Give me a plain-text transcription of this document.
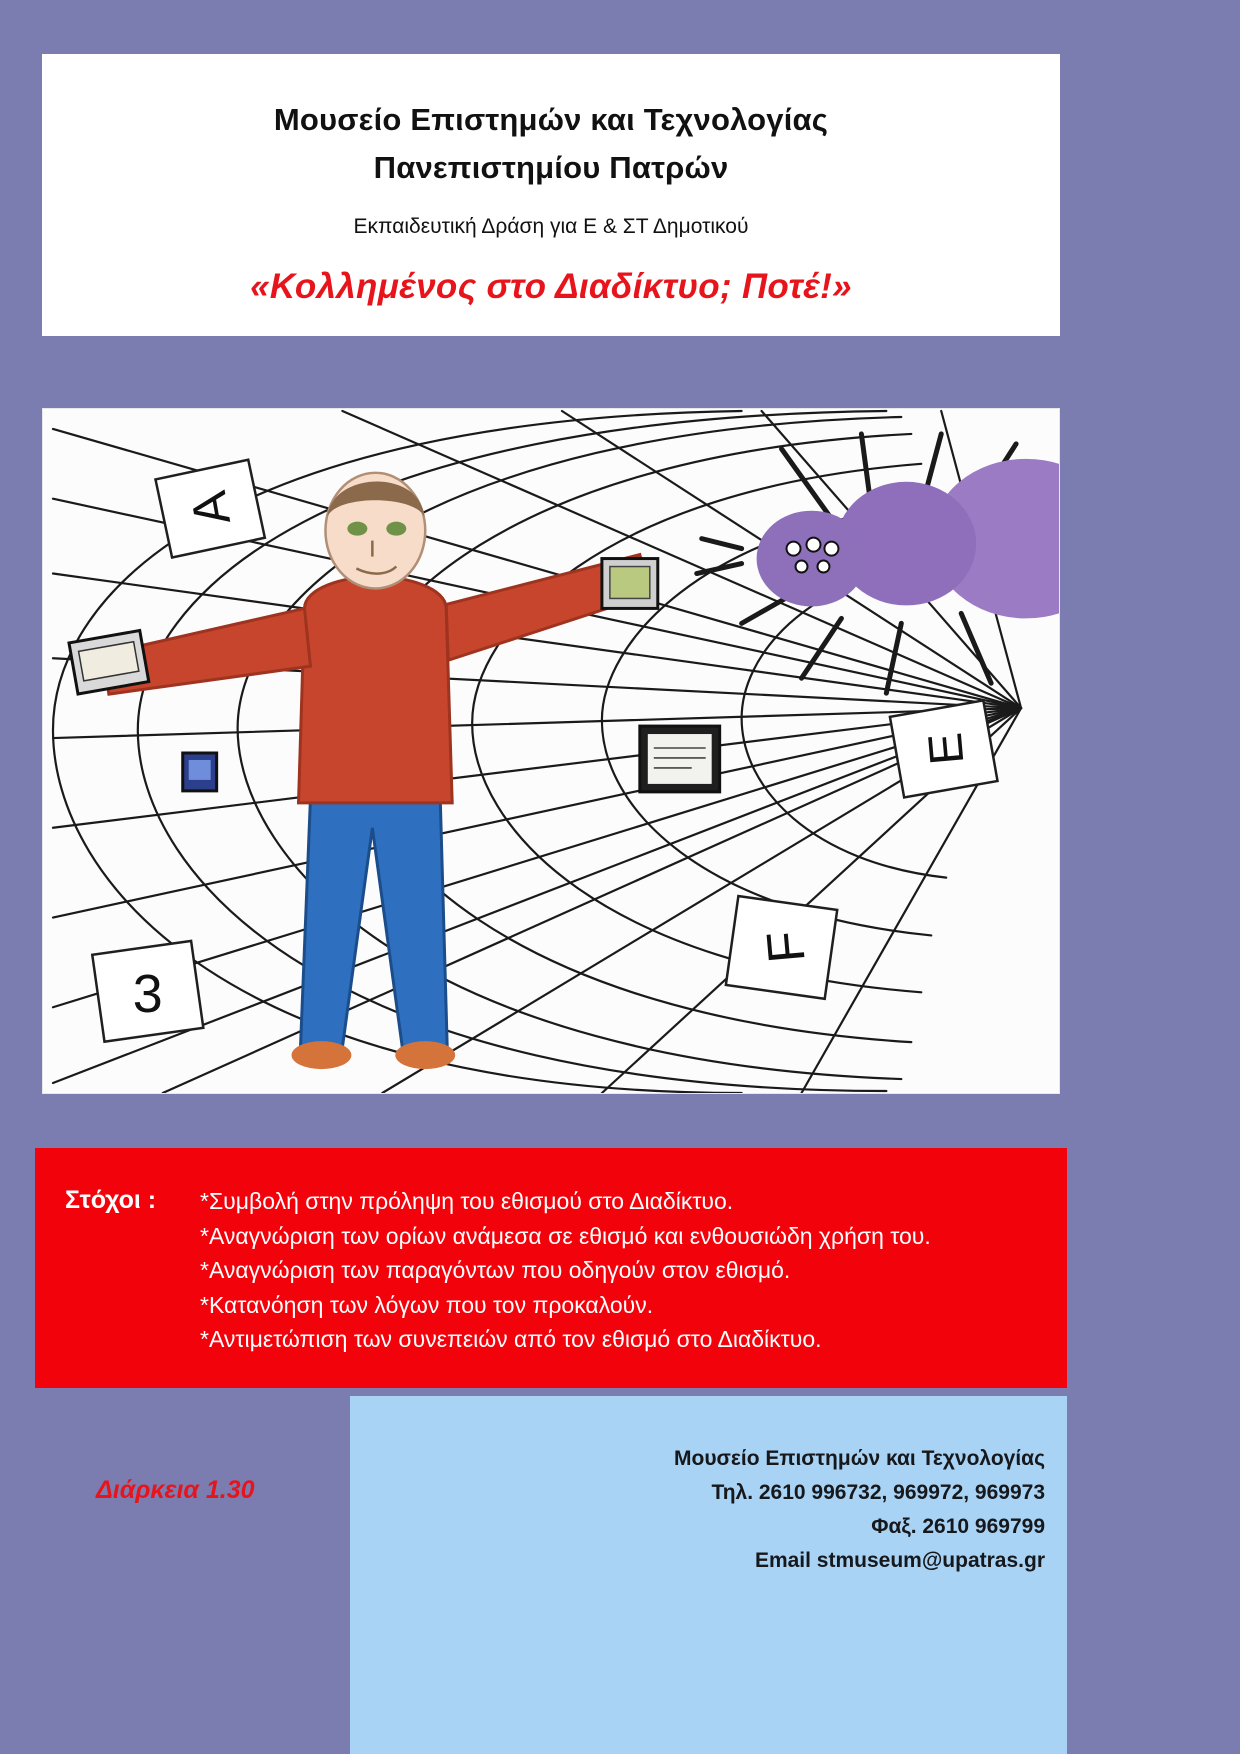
Μουσείο Επιστημών και Τεχνολογίας
Πανεπιστημίου Πατρών
Εκπαιδευτική Δράση για Ε & ΣΤ Δημοτικού
«Κολλημένος στο Διαδίκτυο; Ποτέ!»
A
E
3
F
Στόχοι : *Συμβολή στην πρόληψη του εθισμού στο Διαδίκτυο.
*Αναγνώριση των ορίων ανάμεσα σε εθισμό και ενθουσιώδη χρήση του.
*Αναγνώριση των παραγόντων που οδηγούν στον εθισμό.
*Κατανόηση των λόγων που τον προκαλούν.
*Αντιμετώπιση των συνεπειών από τον εθισμό στο Διαδίκτυο.
Μουσείο Επιστημών και Τεχνολογίας
Τηλ. 2610 996732, 969972, 969973
Φαξ. 2610 969799
Email stmuseum@upatras.gr
Διάρκεια 1.30
